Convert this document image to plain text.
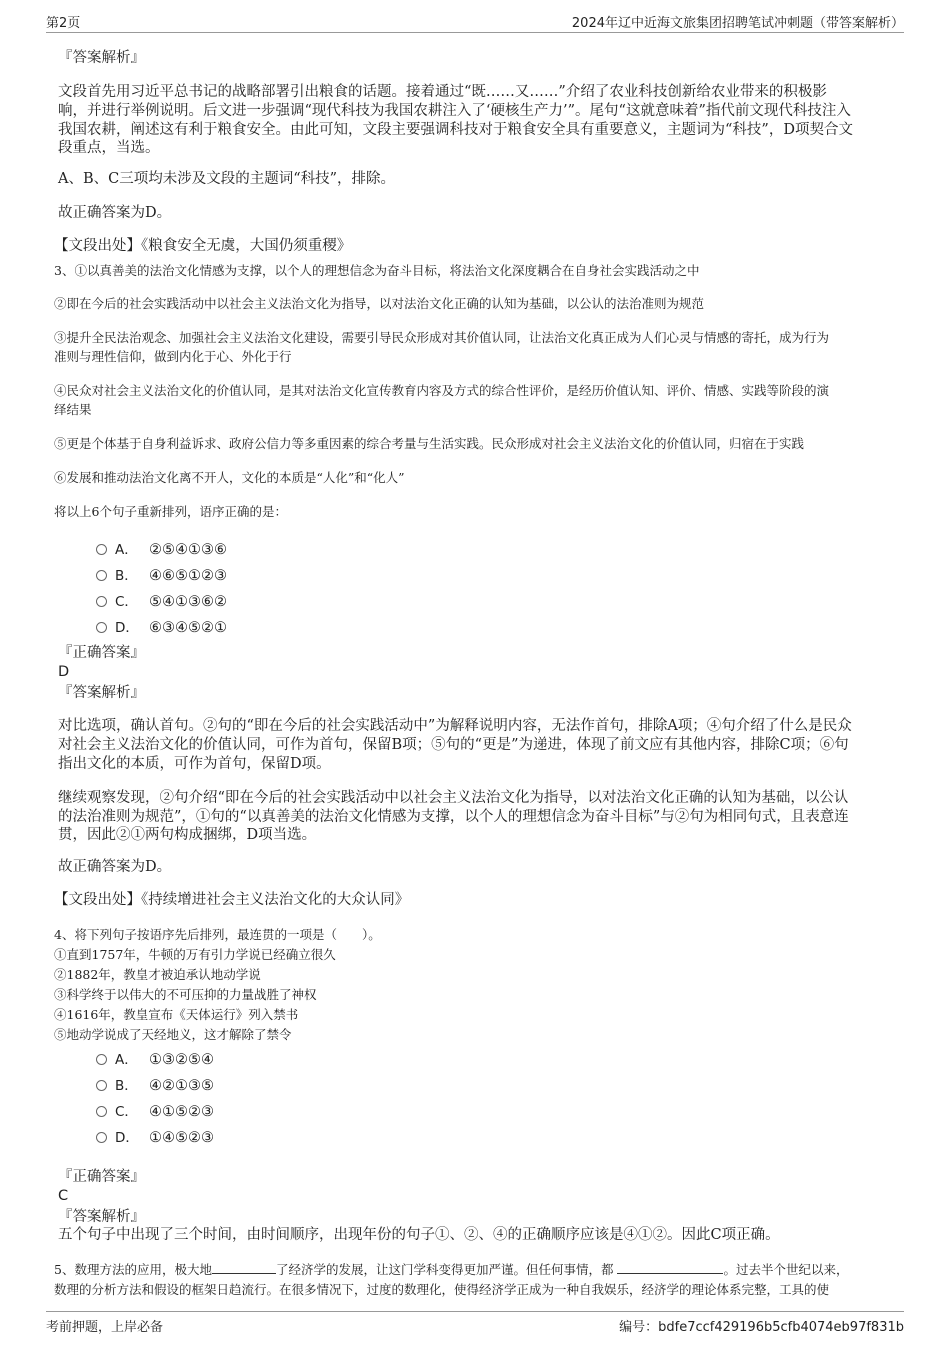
第2页	2024年辽中近海文旅集团招聘笔试冲刺题（带答案解析）
『答案解析』
文段首先用习近平总书记的战略部署引出粮食的话题。接着通过“既……又……”介绍了农业科技创新给农业带来的积极影
响，并进行举例说明。后文进一步强调“现代科技为我国农耕注入了‘硬核生产力’”。尾句“这就意味着”指代前文现代科技注入
我国农耕，阐述这有利于粮食安全。由此可知，文段主要强调科技对于粮食安全具有重要意义，主题词为“科技”，D项契合文
段重点，当选。
A、B、C三项均未涉及文段的主题词“科技”，排除。
故正确答案为D。
【文段出处】《粮食安全无虞，大国仍须重稷》
3、①以真善美的法治文化情感为支撑，以个人的理想信念为奋斗目标，将法治文化深度耦合在自身社会实践活动之中
②即在今后的社会实践活动中以社会主义法治文化为指导，以对法治文化正确的认知为基础，以公认的法治准则为规范
③提升全民法治观念、加强社会主义法治文化建设，需要引导民众形成对其价值认同，让法治文化真正成为人们心灵与情感的寄托，成为行为
准则与理性信仰，做到内化于心、外化于行
④民众对社会主义法治文化的价值认同，是其对法治文化宣传教育内容及方式的综合性评价，是经历价值认知、评价、情感、实践等阶段的演
绎结果
⑤更是个体基于自身利益诉求、政府公信力等多重因素的综合考量与生活实践。民众形成对社会主义法治文化的价值认同，归宿在于实践
⑥发展和推动法治文化离不开人，文化的本质是“人化”和“化人”
将以上6个句子重新排列，语序正确的是：
A． ②⑤④①③⑥
B． ④⑥⑤①②③
C． ⑤④①③⑥②
D． ⑥③④⑤②①
『正确答案』
D
『答案解析』
对比选项，确认首句。②句的“即在今后的社会实践活动中”为解释说明内容，无法作首句，排除A项；④句介绍了什么是民众
对社会主义法治文化的价值认同，可作为首句，保留B项；⑤句的“更是”为递进，体现了前文应有其他内容，排除C项；⑥句
指出文化的本质，可作为首句，保留D项。
继续观察发现，②句介绍“即在今后的社会实践活动中以社会主义法治文化为指导，以对法治文化正确的认知为基础，以公认
的法治准则为规范”，①句的“以真善美的法治文化情感为支撑，以个人的理想信念为奋斗目标”与②句为相同句式，且表意连
贯，因此②①两句构成捆绑，D项当选。
故正确答案为D。
【文段出处】《持续增进社会主义法治文化的大众认同》
4、将下列句子按语序先后排列，最连贯的一项是（　　）。
①直到1757年，牛顿的万有引力学说已经确立很久
②1882年，教皇才被迫承认地动学说
③科学终于以伟大的不可压抑的力量战胜了神权
④1616年，教皇宣布《天体运行》列入禁书
⑤地动学说成了天经地义，这才解除了禁令
A． ①③②⑤④
B． ④②①③⑤
C． ④①⑤②③
D． ①④⑤②③
『正确答案』
C
『答案解析』
五个句子中出现了三个时间，由时间顺序，出现年份的句子①、②、④的正确顺序应该是④①②。因此C项正确。
5、数理方法的应用，极大地	了经济学的发展，让这门学科变得更加严谨。但任何事情，都	。过去半个世纪以来，
数理的分析方法和假设的框架日趋流行。在很多情况下，过度的数理化，使得经济学正成为一种自我娱乐，经济学的理论体系完整，工具的使
考前押题，上岸必备	编号：bdfe7ccf429196b5cfb4074eb97f831b
